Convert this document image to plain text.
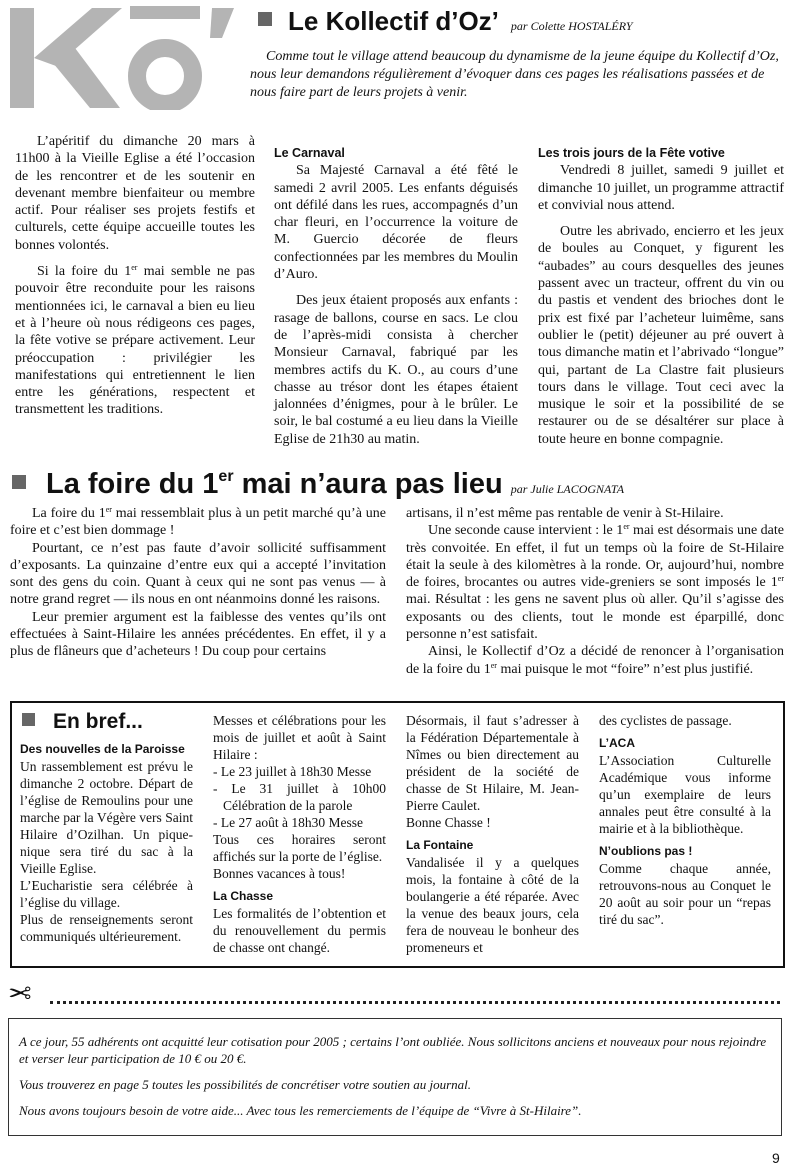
Le Kollectif d’Oz’ par Colette HOSTALÉRY
Comme tout le village attend beaucoup du dynamisme de la jeune équipe du Kollectif d’Oz, nous leur demandons régulièrement d’évoquer dans ces pages les réalisations passées et de nous faire part de leurs projets à venir.

L’apéritif du dimanche 20 mars à 11h00 à la Vieille Eglise a été l’occasion de les rencontrer et de les soutenir en devenant membre bienfaiteur ou membre actif. Pour réaliser ses projets festifs et culturels, cette équipe accueille toutes les bonnes volontés.

Si la foire du 1er mai semble ne pas pouvoir être reconduite pour les raisons mentionnées ici, le carnaval a bien eu lieu et à l’heure où nous rédigeons ces pages, la fête votive se prépare activement. Leur préoccupation : privilégier les manifestations qui entretiennent le lien entre les générations, respectent et transmettent les traditions.

Le Carnaval

Sa Majesté Carnaval a été fêté le samedi 2 avril 2005. Les enfants déguisés ont défilé dans les rues, accompagnés d’un char fleuri, en l’occurrence la voiture de M. Guercio décorée de fleurs confectionnées par les membres du Moulin d’Auro.

Des jeux étaient proposés aux enfants : rasage de ballons, course en sacs. Le clou de l’après-midi consista à chercher Monsieur Carnaval, fabriqué par les membres actifs du K. O., au cours d’une chasse au trésor dont les étapes étaient jalonnées d’énigmes, pour à le brûler. Le soir, le bal costumé a eu lieu dans la Vieille Eglise de 21h30 au matin.

Les trois jours de la Fête votive

Vendredi 8 juillet, samedi 9 juillet et dimanche 10 juillet, un programme attractif et convivial nous attend.

Outre les abrivado, encierro et les jeux de boules au Conquet, y figurent les “aubades” au cours desquelles des jeunes passent avec un tracteur, offrent du vin ou du pastis et vendent des brioches dont le prix est fixé par l’acheteur luimême, sans oublier le (petit) déjeuner au pré ouvert à tous dimanche matin et l’abrivado “longue” qui, partant de La Clastre fait plusieurs tours dans le village. Tout ceci avec la musique le soir et la possibilité de se restaurer ou de se désaltérer sur place à toute heure en bonne compagnie.

La foire du 1er mai n’aura pas lieu par Julie LACOGNATA

La foire du 1er mai ressemblait plus à un petit marché qu’à une foire et c’est bien dommage !

Pourtant, ce n’est pas faute d’avoir sollicité suffisamment d’exposants. La quinzaine d’entre eux qui a accepté l’invitation sont des gens du coin. Quant à ceux qui ne sont pas venus — à notre grand regret — ils nous en ont néanmoins donné les raisons.

Leur premier argument est la faiblesse des ventes qu’ils ont effectuées à Saint-Hilaire les années précédentes. En effet, il y a plus de flâneurs que d’acheteurs ! Du coup pour certains

artisans, il n’est même pas rentable de venir à St-Hilaire.

Une seconde cause intervient : le 1er mai est désormais une date très convoitée. En effet, il fut un temps où la foire de St-Hilaire était la seule à des kilomètres à la ronde. Or, aujourd’hui, nombre de foires, brocantes ou autres vide-greniers se sont imposés le 1er mai. Résultat : les gens ne savent plus où aller. Qu’il s’agisse des exposants ou des clients, tout le monde est éparpillé, donc personne n’est satisfait.

Ainsi, le Kollectif d’Oz a décidé de renoncer à l’organisation de la foire du 1er mai puisque le mot “foire” n’est plus justifié.

En bref...

Des nouvelles de la Paroisse

Un rassemblement est prévu le dimanche 2 octobre. Départ de l’église de Remoulins pour une marche par la Végère vers Saint Hilaire d’Ozilhan. Un pique-nique sera tiré du sac à la Vieille Eglise.

L’Eucharistie sera célébrée à l’église du village.

Plus de renseignements seront communiqués ultérieurement.

Messes et célébrations pour les mois de juillet et août à Saint Hilaire :

- Le 23 juillet à 18h30 Messe

- Le 31 juillet à 10h00 Célébration de la parole

- Le 27 août à 18h30 Messe

Tous ces horaires seront affichés sur la porte de l’église.

Bonnes vacances à tous!

La Chasse

Les formalités de l’obtention et du renouvellement du permis de chasse ont changé.

Désormais, il faut s’adresser à la Fédération Départementale à Nîmes ou bien directement au président de la société de chasse de St Hilaire, M. Jean-Pierre Caulet.

Bonne Chasse !

La Fontaine

Vandalisée il y a quelques mois, la fontaine à côté de la boulangerie a été réparée. Avec la venue des beaux jours, cela fera de nouveau le bonheur des promeneurs et

des cyclistes de passage.

L’ACA

L’Association Culturelle Académique vous informe qu’un exemplaire de leurs annales peut être consulté à la mairie et à la bibliothèque.

N’oublions pas !

Comme chaque année, retrouvons-nous au Conquet le 20 août au soir pour un “repas tiré du sac”.

✂

A ce jour, 55 adhérents ont acquitté leur cotisation pour 2005 ; certains l’ont oubliée. Nous sollicitons anciens et nouveaux pour nous rejoindre et verser leur participation de 10 € ou 20 €.

Vous trouverez en page 5 toutes les possibilités de concrétiser votre soutien au journal.

Nous avons toujours besoin de votre aide... Avec tous les remerciements de l’équipe de “Vivre à St-Hilaire”.

9
